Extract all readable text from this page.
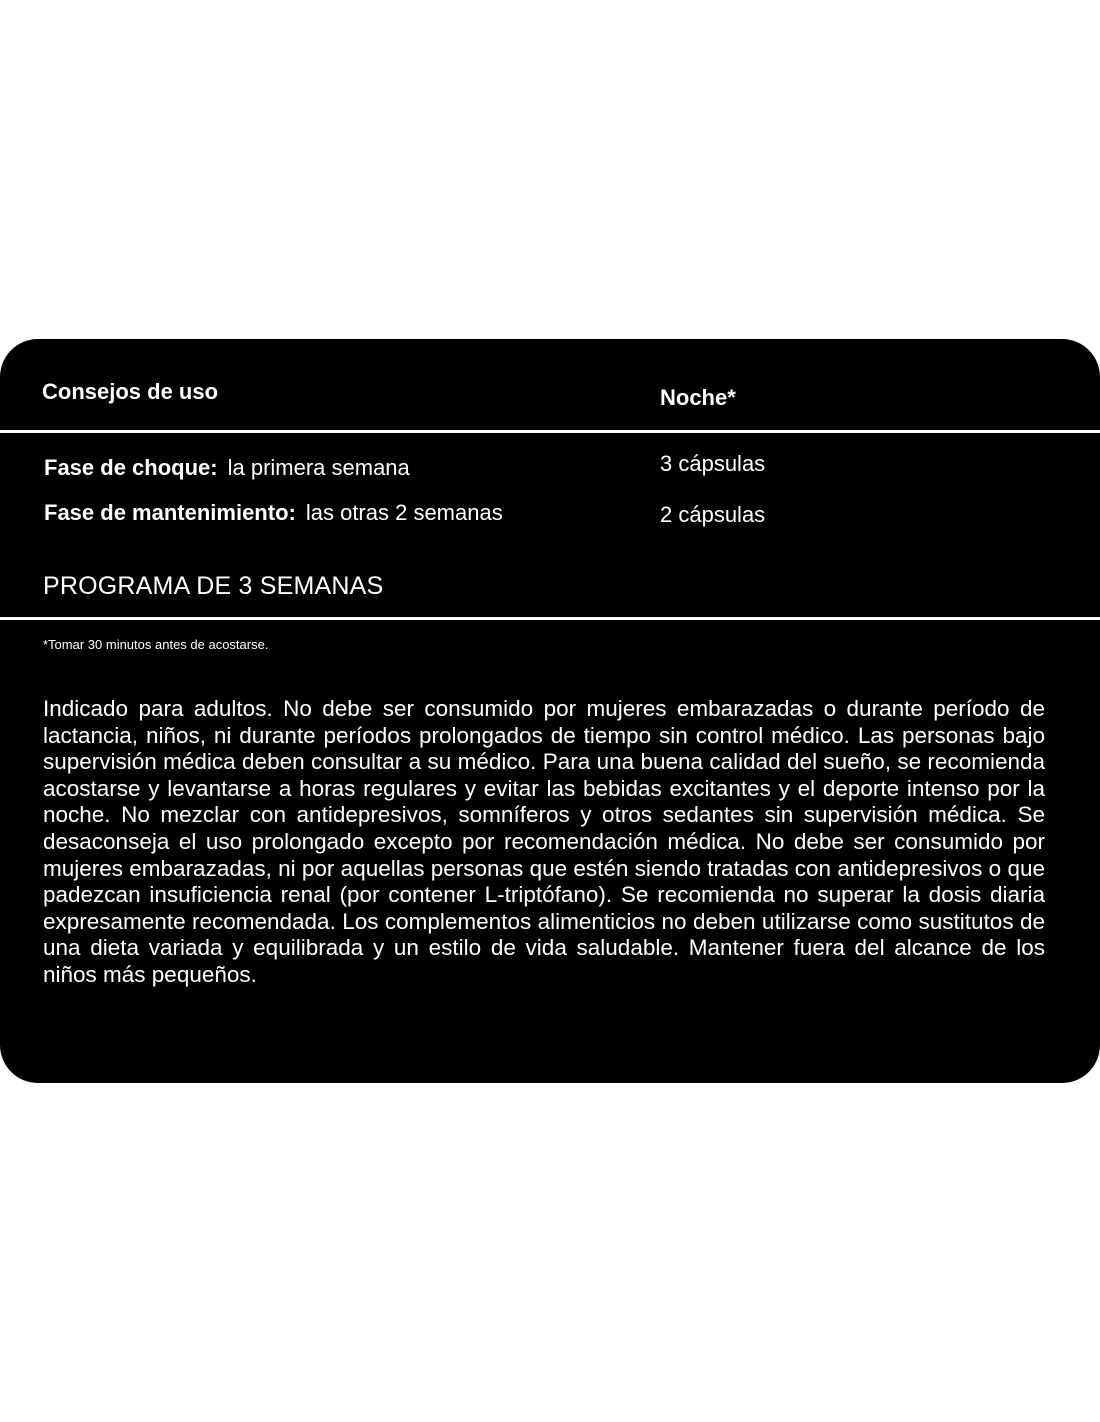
Consejos de uso	Noche*
Fase de choque: la primera semana	3 cápsulas
Fase de mantenimiento: las otras 2 semanas	2 cápsulas
PROGRAMA DE 3 SEMANAS
*Tomar 30 minutos antes de acostarse.
Indicado para adultos. No debe ser consumido por mujeres embarazadas o durante período de lactancia, niños, ni durante períodos prolongados de tiempo sin control médico. Las personas bajo supervisión médica deben consultar a su médico. Para una buena calidad del sueño, se recomienda acostarse y levantarse a horas regulares y evitar las bebidas excitantes y el deporte intenso por la noche. No mezclar con antidepresivos, somníferos y otros sedantes sin supervisión médica. Se desaconseja el uso prolongado excepto por recomendación médica. No debe ser consumido por mujeres embarazadas, ni por aquellas personas que estén siendo tratadas con antidepresivos o que padezcan insuficiencia renal (por contener L-triptófano). Se recomienda no superar la dosis diaria expresamente recomendada. Los complementos alimenticios no deben utilizarse como sustitutos de una dieta variada y equilibrada y un estilo de vida saludable. Mantener fuera del alcance de los niños más pequeños.
